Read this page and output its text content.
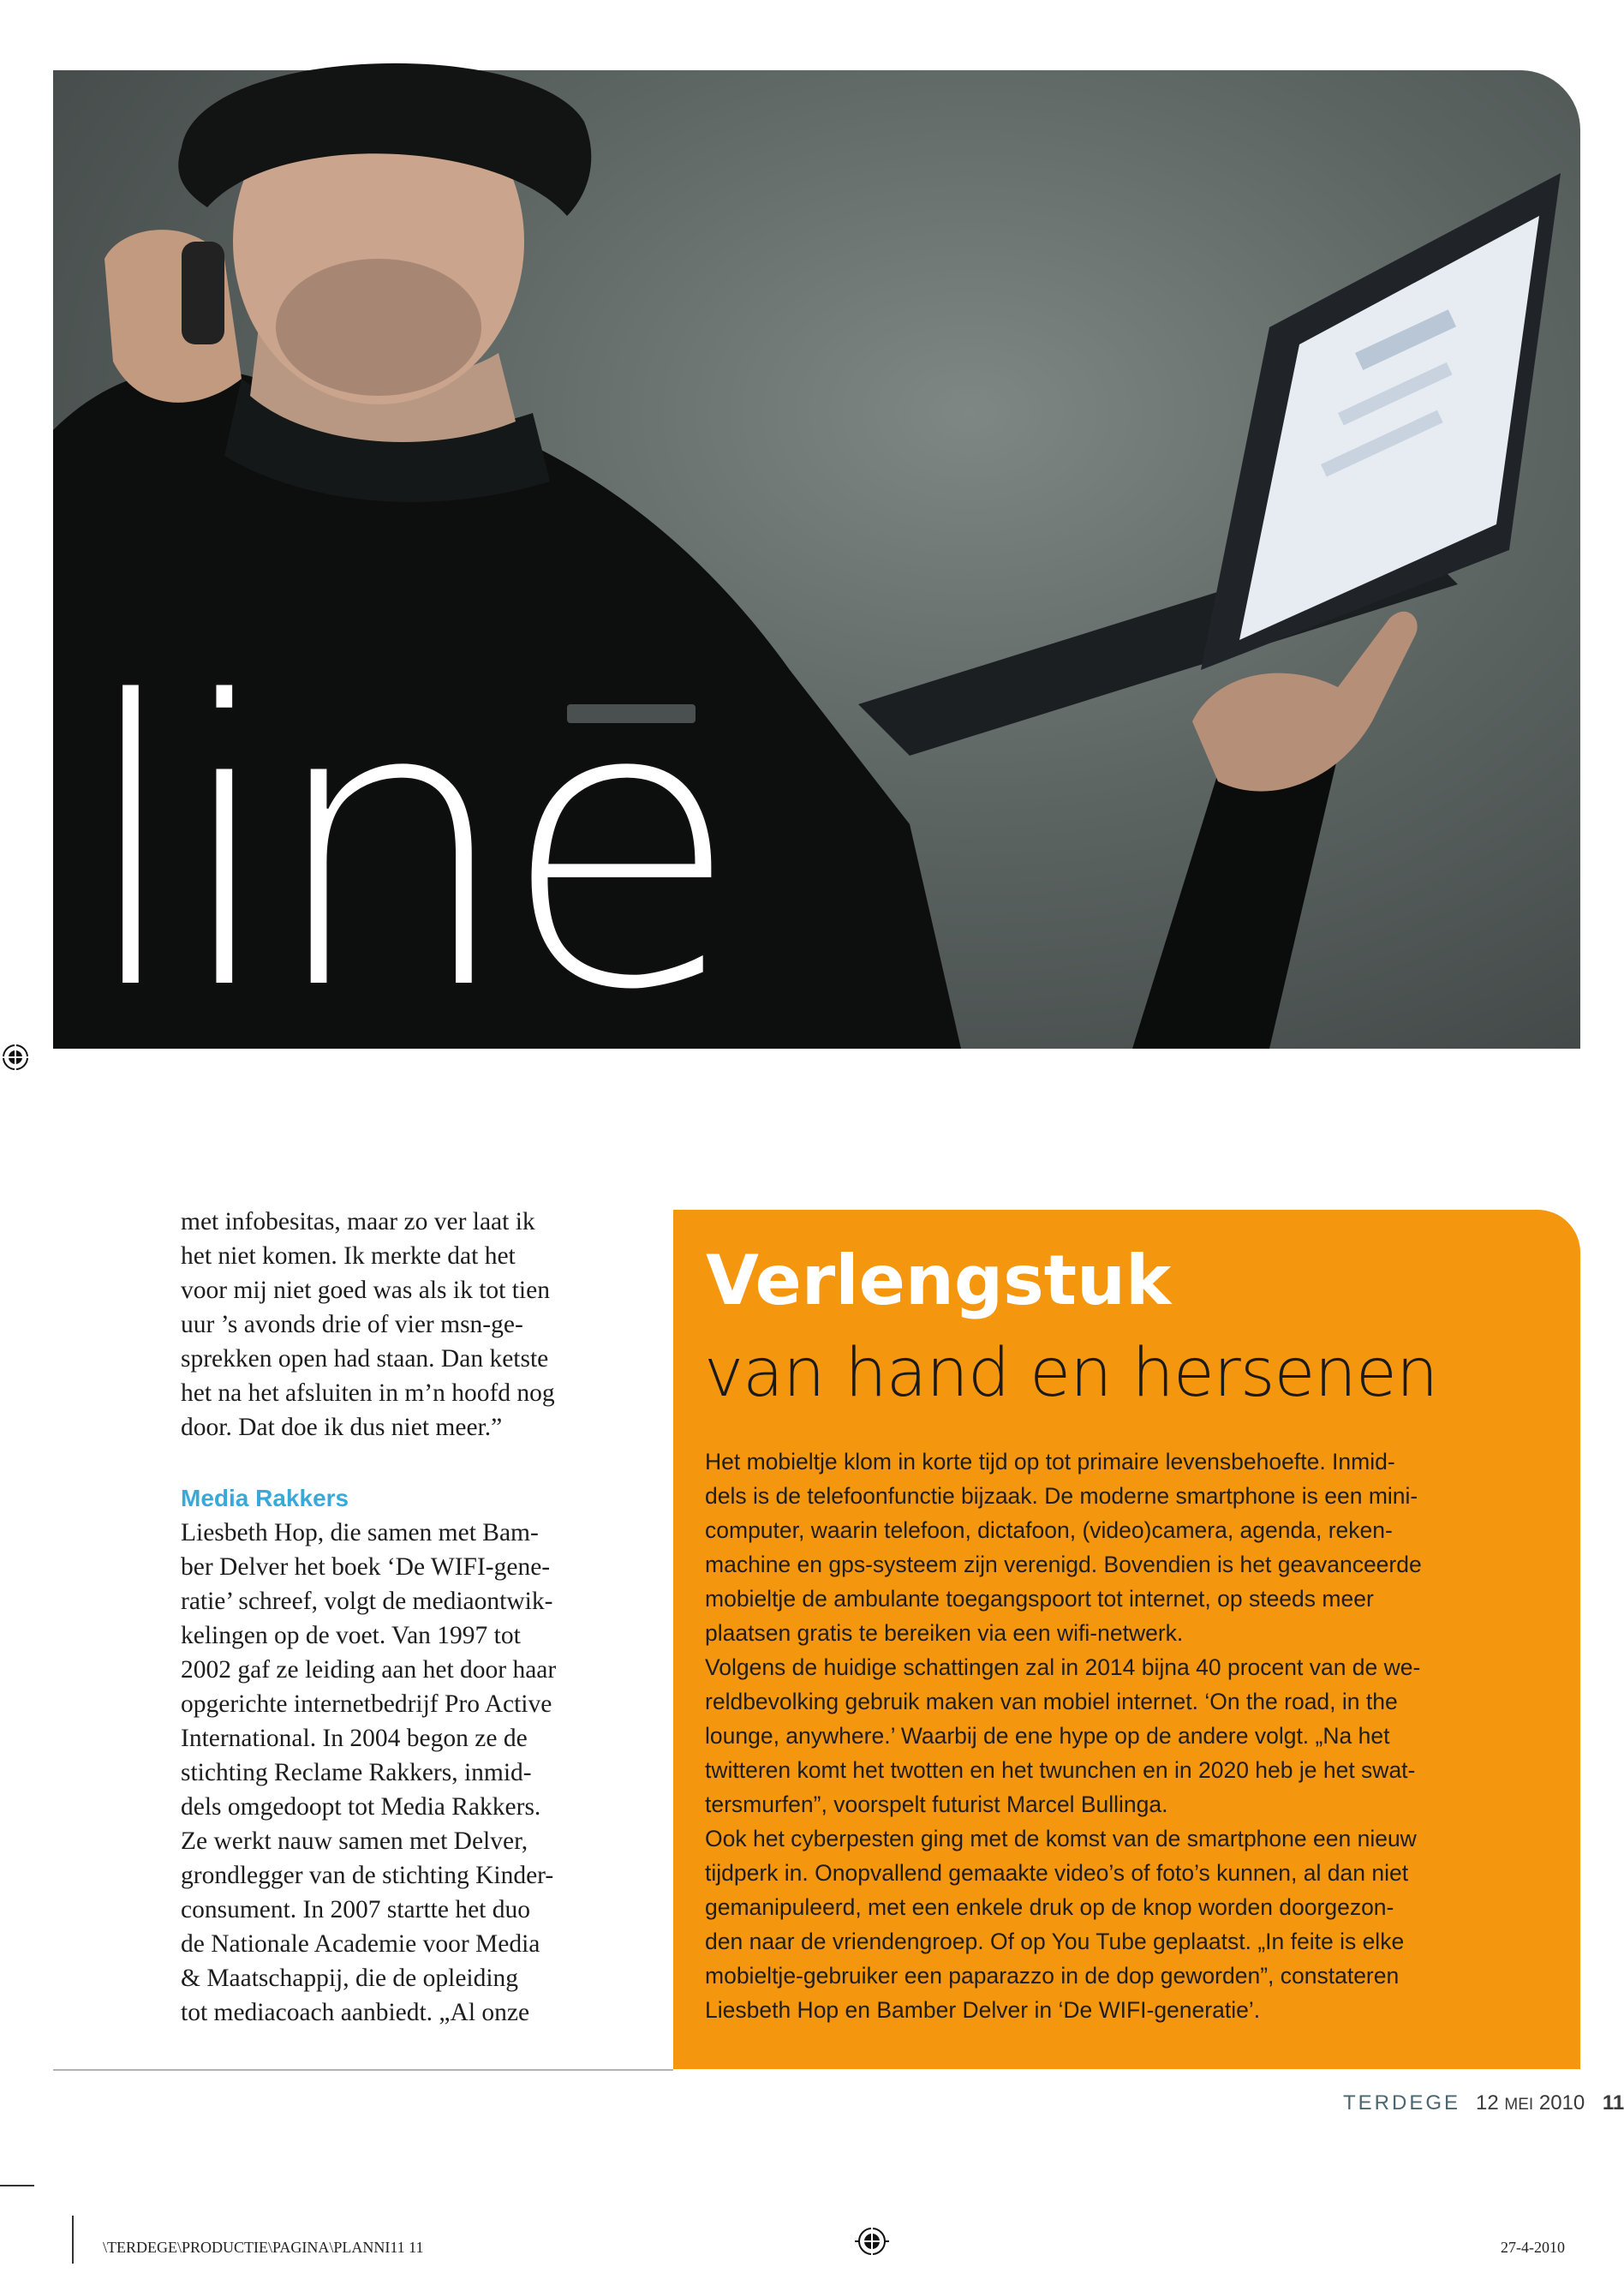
line

met infobesitas, maar zo ver laat ik
het niet komen. Ik merkte dat het
voor mij niet goed was als ik tot tien
uur ’s avonds drie of vier msn-ge-
sprekken open had staan. Dan ketste
het na het afsluiten in m’n hoofd nog
door. Dat doe ik dus niet meer.”

Media Rakkers

Liesbeth Hop, die samen met Bam-
ber Delver het boek ‘De WIFI-gene-
ratie’ schreef, volgt de mediaontwik-
kelingen op de voet. Van 1997 tot
2002 gaf ze leiding aan het door haar
opgerichte internetbedrijf Pro Active
International. In 2004 begon ze de
stichting Reclame Rakkers, inmid-
dels omgedoopt tot Media Rakkers.
Ze werkt nauw samen met Delver,
grondlegger van de stichting Kinder-
consument. In 2007 startte het duo
de Nationale Academie voor Media
& Maatschappij, die de opleiding
tot mediacoach aanbiedt. „Al onze

Verlengstuk
van hand en hersenen

Het mobieltje klom in korte tijd op tot primaire levensbehoefte. Inmid-
dels is de telefoonfunctie bijzaak. De moderne smartphone is een mini-
computer, waarin telefoon, dictafoon, (video)camera, agenda, reken-
machine en gps-systeem zijn verenigd. Bovendien is het geavanceerde
mobieltje de ambulante toegangspoort tot internet, op steeds meer
plaatsen gratis te bereiken via een wifi-netwerk.

Volgens de huidige schattingen zal in 2014 bijna 40 procent van de we-
reldbevolking gebruik maken van mobiel internet. ‘On the road, in the
lounge, anywhere.’ Waarbij de ene hype op de andere volgt. „Na het
twitteren komt het twotten en het twunchen en in 2020 heb je het swat-
tersmurfen”, voorspelt futurist Marcel Bullinga.

Ook het cyberpesten ging met de komst van de smartphone een nieuw
tijdperk in. Onopvallend gemaakte video’s of foto’s kunnen, al dan niet
gemanipuleerd, met een enkele druk op de knop worden doorgezon-
den naar de vriendengroep. Of op You Tube geplaatst. „In feite is elke
mobieltje-gebruiker een paparazzo in de dop geworden”, constateren
Liesbeth Hop en Bamber Delver in ‘De WIFI-generatie’.

TERDEGE 12 MEI 2010 11
\TERDEGE\PRODUCTIE\PAGINA\PLANNI11 11	27-4-2010
